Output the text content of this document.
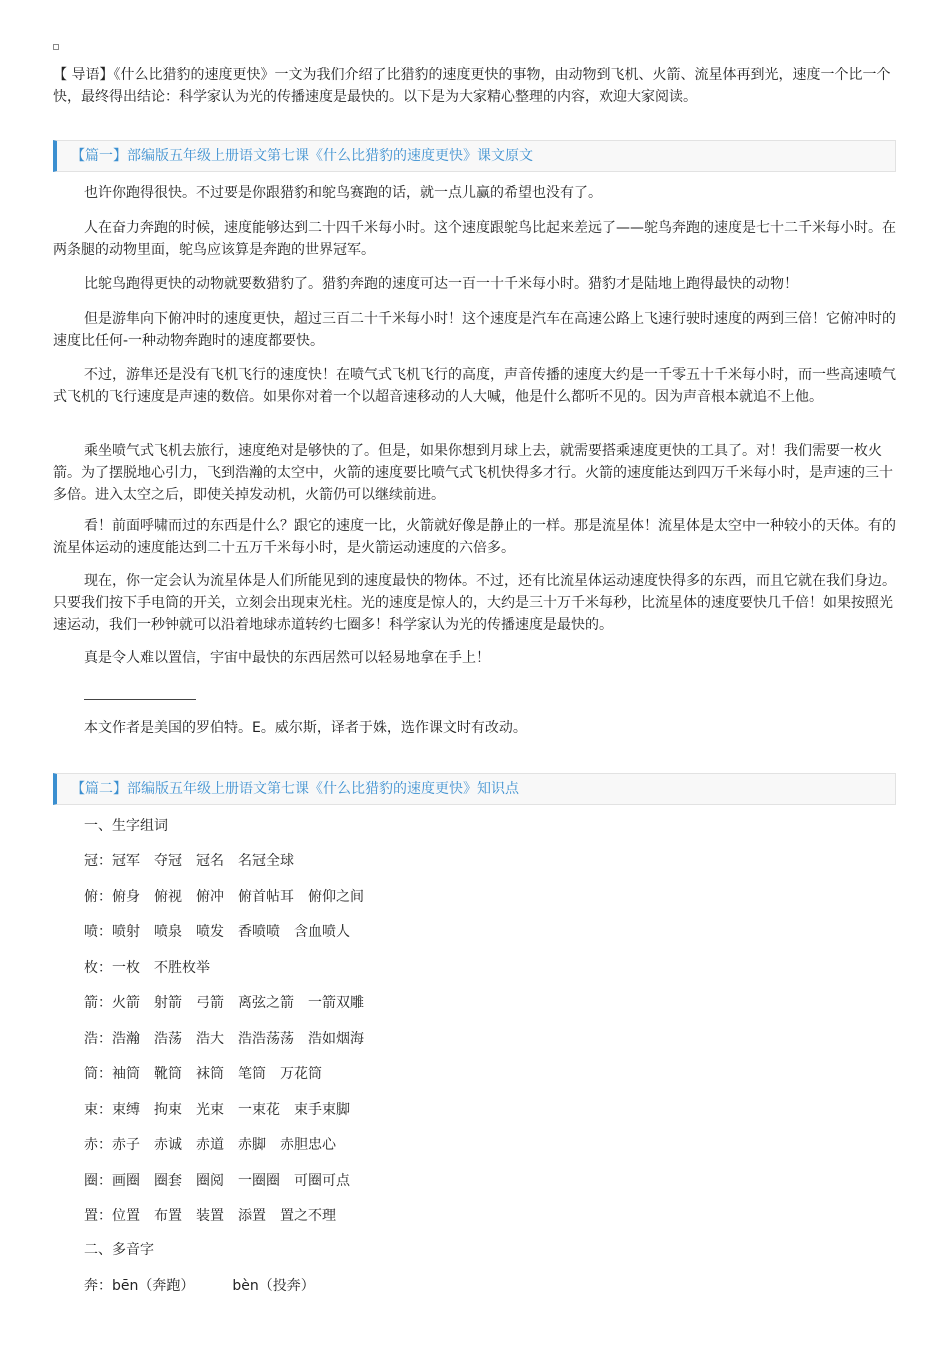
【 导语】《什么比猎豹的速度更快》一文为我们介绍了比猎豹的速度更快的事物，由动物到飞机、火箭、流星体再到光，速度一个比一个快，最终得出结论：科学家认为光的传播速度是最快的。以下是为大家精心整理的内容，欢迎大家阅读。

【篇一】部编版五年级上册语文第七课《什么比猎豹的速度更快》课文原文

也许你跑得很快。不过要是你跟猎豹和鸵鸟赛跑的话，就一点儿赢的希望也没有了。

人在奋力奔跑的时候，速度能够达到二十四千米每小时。这个速度跟鸵鸟比起来差远了——鸵鸟奔跑的速度是七十二千米每小时。在两条腿的动物里面，鸵鸟应该算是奔跑的世界冠军。

比鸵鸟跑得更快的动物就要数猎豹了。猎豹奔跑的速度可达一百一十千米每小时。猎豹才是陆地上跑得最快的动物！

但是游隼向下俯冲时的速度更快，超过三百二十千米每小时！这个速度是汽车在高速公路上飞速行驶时速度的两到三倍！它俯冲时的速度比任何-一种动物奔跑时的速度都要快。

不过，游隼还是没有飞机飞行的速度快！在喷气式飞机飞行的高度，声音传播的速度大约是一千零五十千米每小时，而一些高速喷气式飞机的飞行速度是声速的数倍。如果你对着一个以超音速移动的人大喊，他是什么都听不见的。因为声音根本就追不上他。

乘坐喷气式飞机去旅行，速度绝对是够快的了。但是，如果你想到月球上去，就需要搭乘速度更快的工具了。对！我们需要一枚火箭。为了摆脱地心引力，飞到浩瀚的太空中，火箭的速度要比喷气式飞机快得多才行。火箭的速度能达到四万千米每小时，是声速的三十多倍。进入太空之后，即使关掉发动机，火箭仍可以继续前进。

看！前面呼啸而过的东西是什么？跟它的速度一比，火箭就好像是静止的一样。那是流星体！流星体是太空中一种较小的天体。有的流星体运动的速度能达到二十五万千米每小时，是火箭运动速度的六倍多。

现在，你一定会认为流星体是人们所能见到的速度最快的物体。不过，还有比流星体运动速度快得多的东西，而且它就在我们身边。只要我们按下手电筒的开关，立刻会出现束光柱。光的速度是惊人的，大约是三十万千米每秒，比流星体的速度要快几千倍！如果按照光速运动，我们一秒钟就可以沿着地球赤道转约七圈多！科学家认为光的传播速度是最快的。

真是令人难以置信，宇宙中最快的东西居然可以轻易地拿在手上！

本文作者是美国的罗伯特。E。威尔斯，译者于姝，选作课文时有改动。

【篇二】部编版五年级上册语文第七课《什么比猎豹的速度更快》知识点

一、生字组词

冠：冠军 夺冠 冠名 名冠全球

俯：俯身 俯视 俯冲 俯首帖耳 俯仰之间

喷：喷射 喷泉 喷发 香喷喷 含血喷人

枚：一枚 不胜枚举

箭：火箭 射箭 弓箭 离弦之箭 一箭双雕

浩：浩瀚 浩荡 浩大 浩浩荡荡 浩如烟海

筒：袖筒 靴筒 袜筒 笔筒 万花筒

束：束缚 拘束 光束 一束花 束手束脚

赤：赤子 赤诚 赤道 赤脚 赤胆忠心

圈：画圈 圈套 圈阅 一圈圈 可圈可点

置：位置 布置 装置 添置 置之不理

二、多音字

奔：bēn（奔跑）	bèn（投奔）
